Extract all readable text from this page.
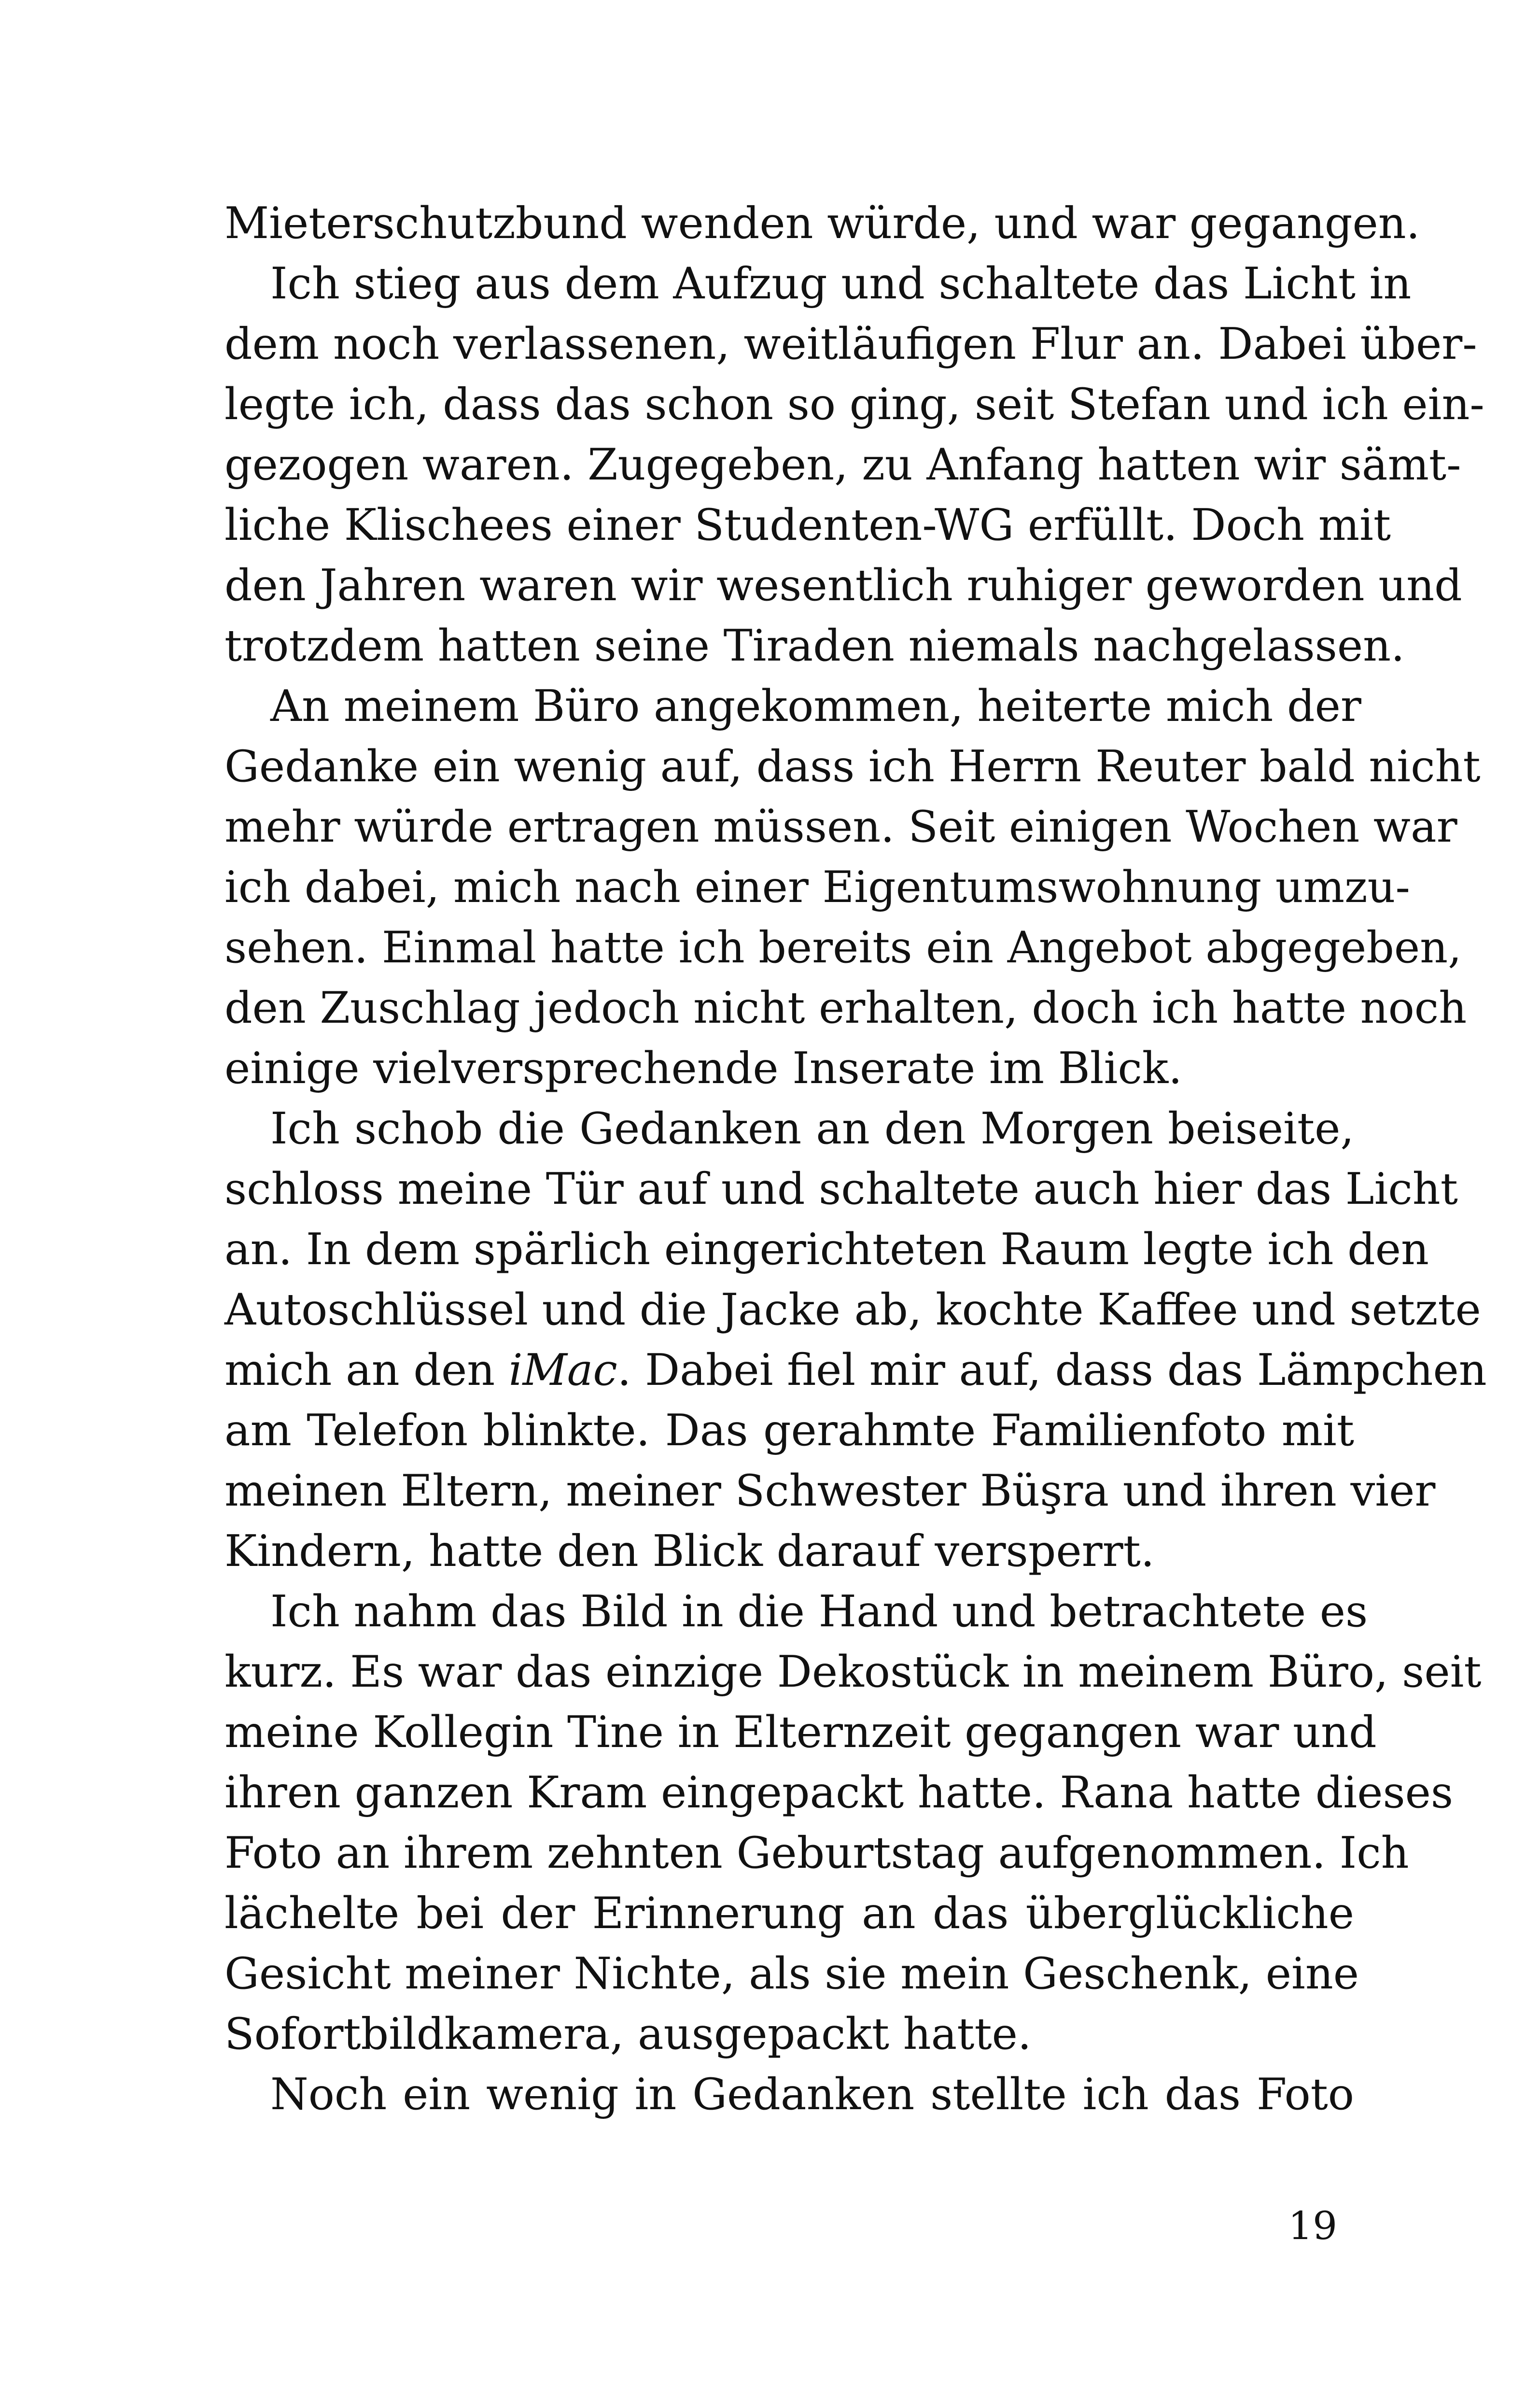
Mieterschutzbund wenden würde, und war gegangen.
Ich stieg aus dem Aufzug und schaltete das Licht in
dem noch verlassenen, weitläufigen Flur an. Dabei über-
legte ich, dass das schon so ging, seit Stefan und ich ein-
gezogen waren. Zugegeben, zu Anfang hatten wir sämt-
liche Klischees einer Studenten-WG erfüllt. Doch mit
den Jahren waren wir wesentlich ruhiger geworden und
trotzdem hatten seine Tiraden niemals nachgelassen.
An meinem Büro angekommen, heiterte mich der
Gedanke ein wenig auf, dass ich Herrn Reuter bald nicht
mehr würde ertragen müssen. Seit einigen Wochen war
ich dabei, mich nach einer Eigentumswohnung umzu-
sehen. Einmal hatte ich bereits ein Angebot abgegeben,
den Zuschlag jedoch nicht erhalten, doch ich hatte noch
einige vielversprechende Inserate im Blick.
Ich schob die Gedanken an den Morgen beiseite,
schloss meine Tür auf und schaltete auch hier das Licht
an. In dem spärlich eingerichteten Raum legte ich den
Autoschlüssel und die Jacke ab, kochte Kaffee und setzte
mich an den iMac. Dabei fiel mir auf, dass das Lämpchen
am Telefon blinkte. Das gerahmte Familienfoto mit
meinen Eltern, meiner Schwester Büşra und ihren vier
Kindern, hatte den Blick darauf versperrt.
Ich nahm das Bild in die Hand und betrachtete es
kurz. Es war das einzige Dekostück in meinem Büro, seit
meine Kollegin Tine in Elternzeit gegangen war und
ihren ganzen Kram eingepackt hatte. Rana hatte dieses
Foto an ihrem zehnten Geburtstag aufgenommen. Ich
lächelte bei der Erinnerung an das überglückliche
Gesicht meiner Nichte, als sie mein Geschenk, eine
Sofortbildkamera, ausgepackt hatte.
Noch ein wenig in Gedanken stellte ich das Foto
19
